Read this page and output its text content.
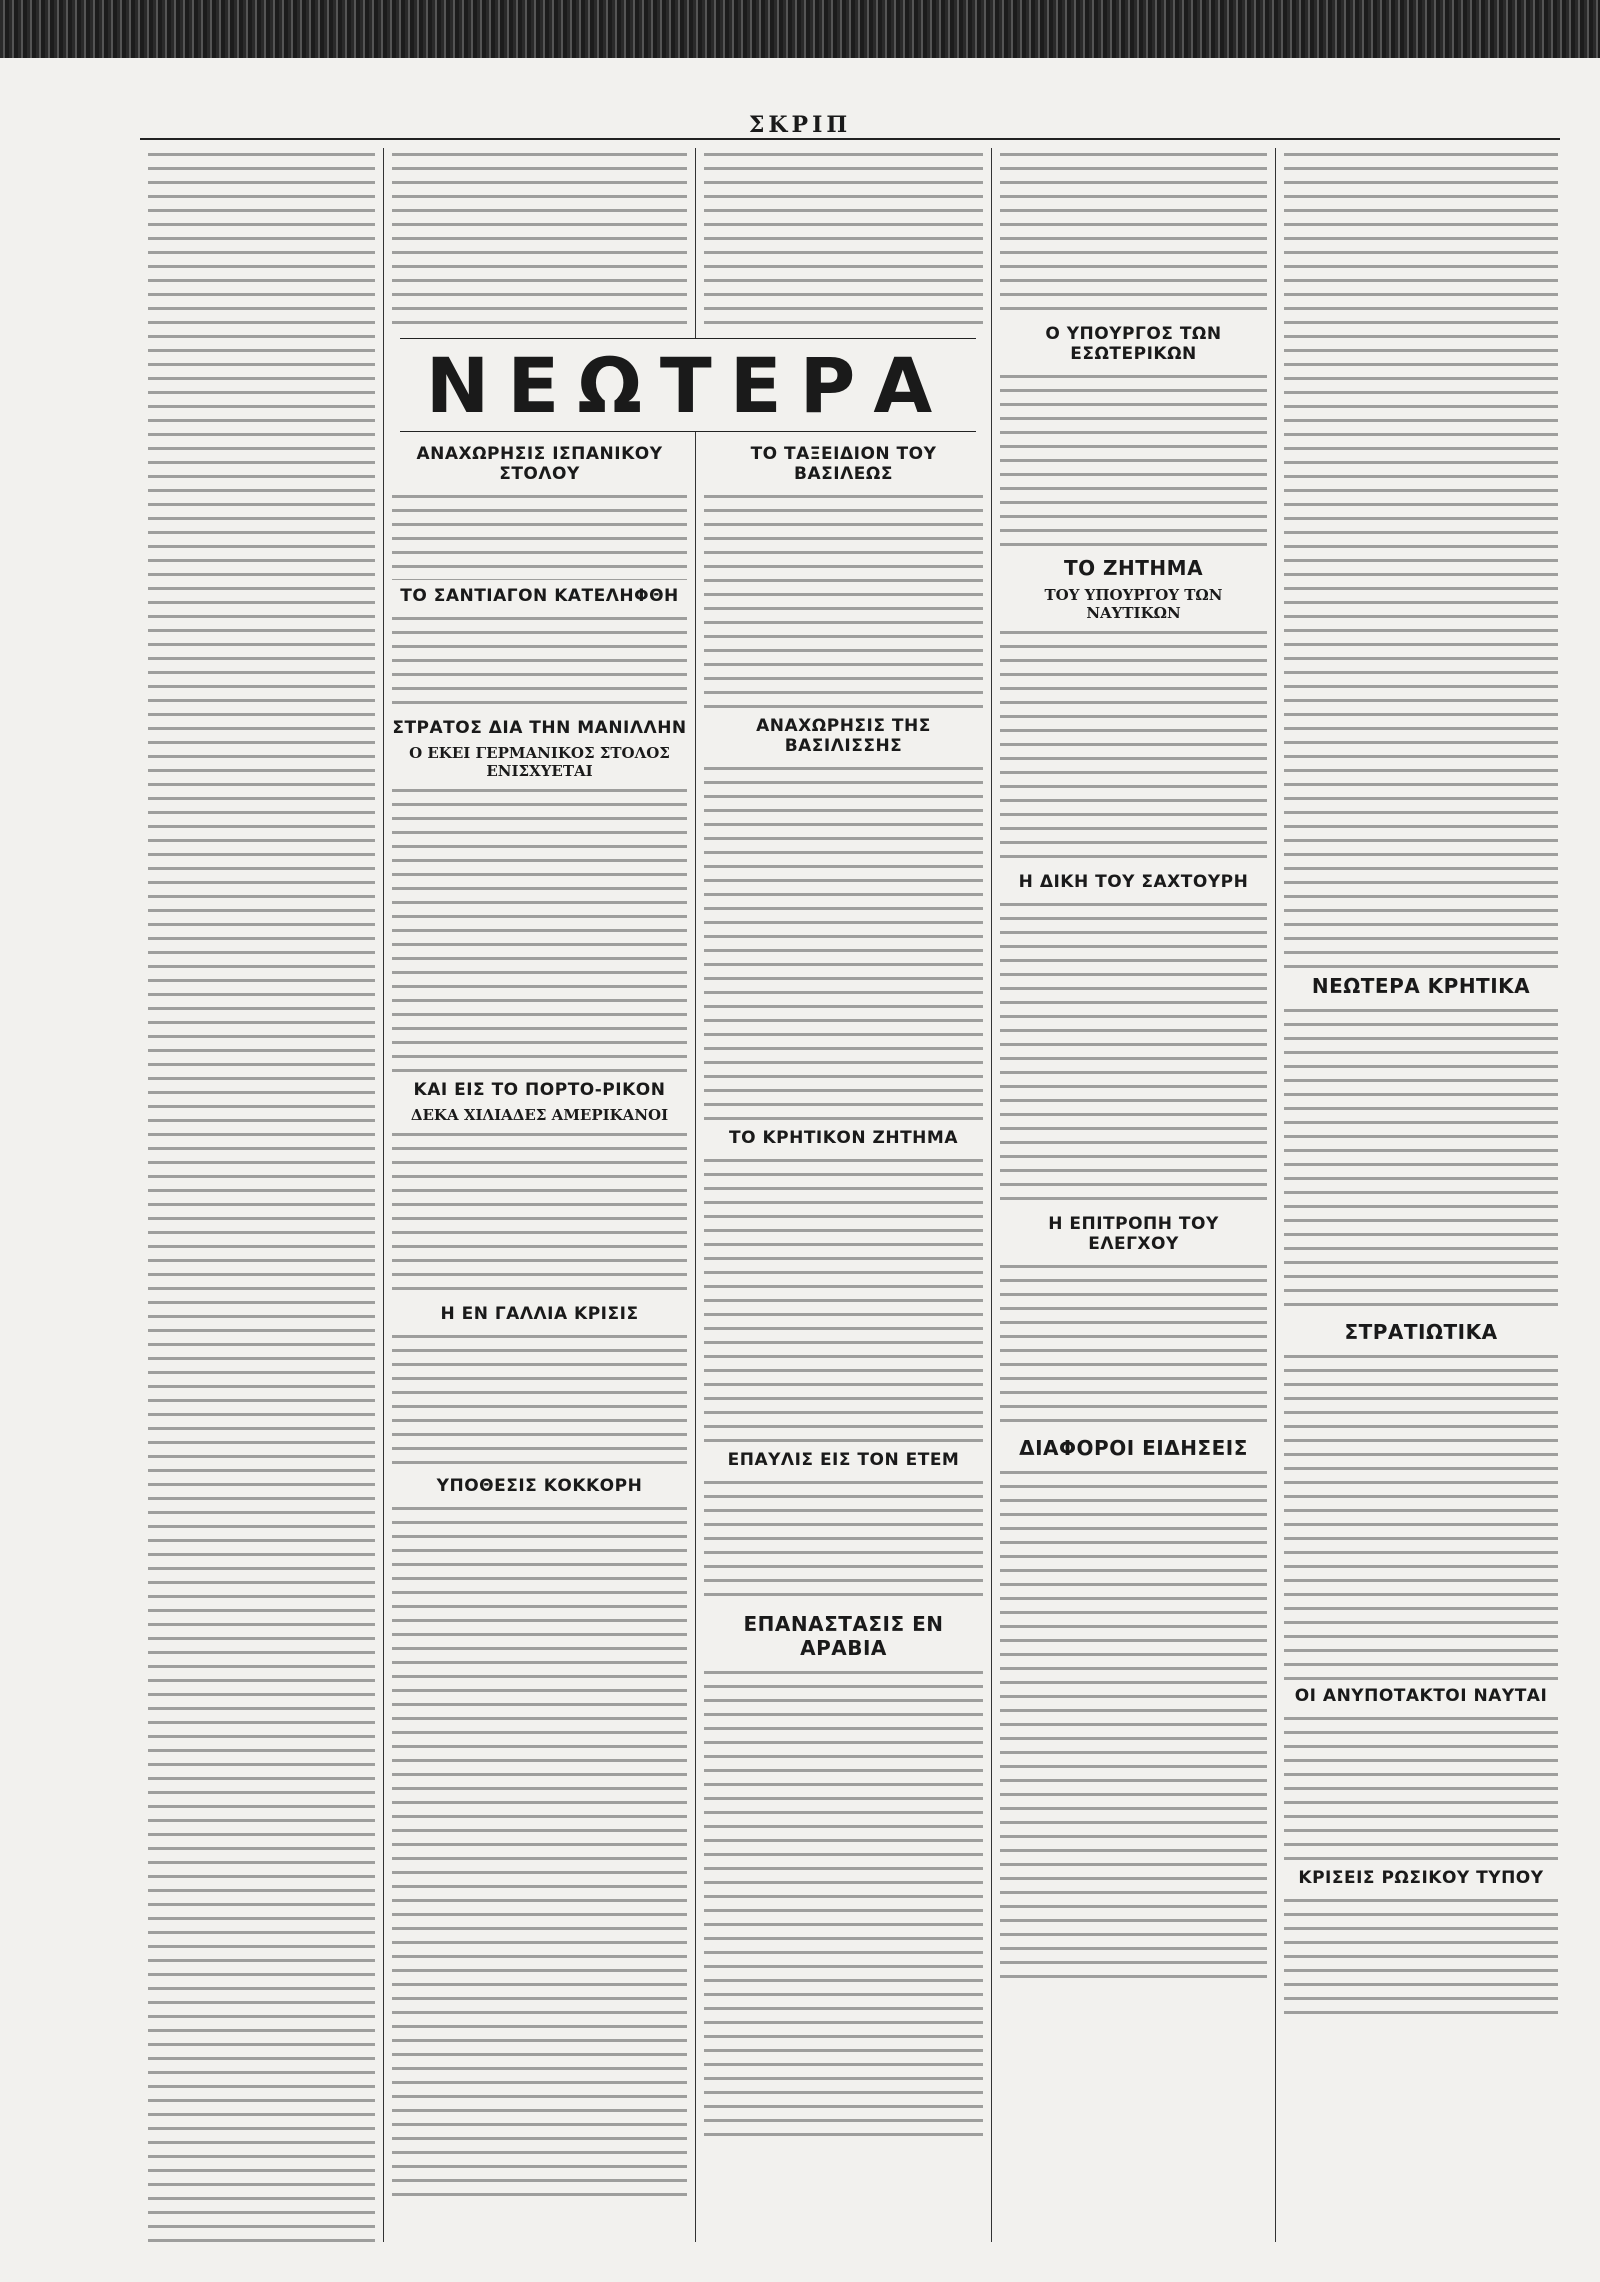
ΣΚΡΙΠ
ΑΝΑΧΩΡΗΣΙΣ ΙΣΠΑΝΙΚΟΥ ΣΤΟΛΟΥ
ΤΟ ΣΑΝΤΙΑΓΟΝ ΚΑΤΕΛΗΦΘΗ
ΣΤΡΑΤΟΣ ΔΙΑ ΤΗΝ ΜΑΝΙΛΛΗΝ
Ο ΕΚΕΙ ΓΕΡΜΑΝΙΚΟΣ ΣΤΟΛΟΣ ΕΝΙΣΧΥΕΤΑΙ
ΚΑΙ ΕΙΣ ΤΟ ΠΟΡΤΟ-ΡΙΚΟΝ
ΔΕΚΑ ΧΙΛΙΑΔΕΣ ΑΜΕΡΙΚΑΝΟΙ
Η ΕΝ ΓΑΛΛΙΑ ΚΡΙΣΙΣ
ΥΠΟΘΕΣΙΣ ΚΟΚΚΟΡΗ
ΤΟ ΤΑΞΕΙΔΙΟΝ ΤΟΥ ΒΑΣΙΛΕΩΣ
ΑΝΑΧΩΡΗΣΙΣ ΤΗΣ ΒΑΣΙΛΙΣΣΗΣ
ΤΟ ΚΡΗΤΙΚΟΝ ΖΗΤΗΜΑ
ΕΠΑΥΛΙΣ ΕΙΣ ΤΟΝ ΕΤΕΜ
ΕΠΑΝΑΣΤΑΣΙΣ ΕΝ ΑΡΑΒΙΑ
Ο ΥΠΟΥΡΓΟΣ ΤΩΝ ΕΣΩΤΕΡΙΚΩΝ
ΤΟ ΖΗΤΗΜΑ
ΤΟΥ ΥΠΟΥΡΓΟΥ ΤΩΝ ΝΑΥΤΙΚΩΝ
Η ΔΙΚΗ ΤΟΥ ΣΑΧΤΟΥΡΗ
Η ΕΠΙΤΡΟΠΗ ΤΟΥ ΕΛΕΓΧΟΥ
ΔΙΑΦΟΡΟΙ ΕΙΔΗΣΕΙΣ
ΝΕΩΤΕΡΑ ΚΡΗΤΙΚΑ
ΣΤΡΑΤΙΩΤΙΚΑ
ΟΙ ΑΝΥΠΟΤΑΚΤΟΙ ΝΑΥΤΑΙ
ΚΡΙΣΕΙΣ ΡΩΣΙΚΟΥ ΤΥΠΟΥ
ΝΕΩΤΕΡΑ
